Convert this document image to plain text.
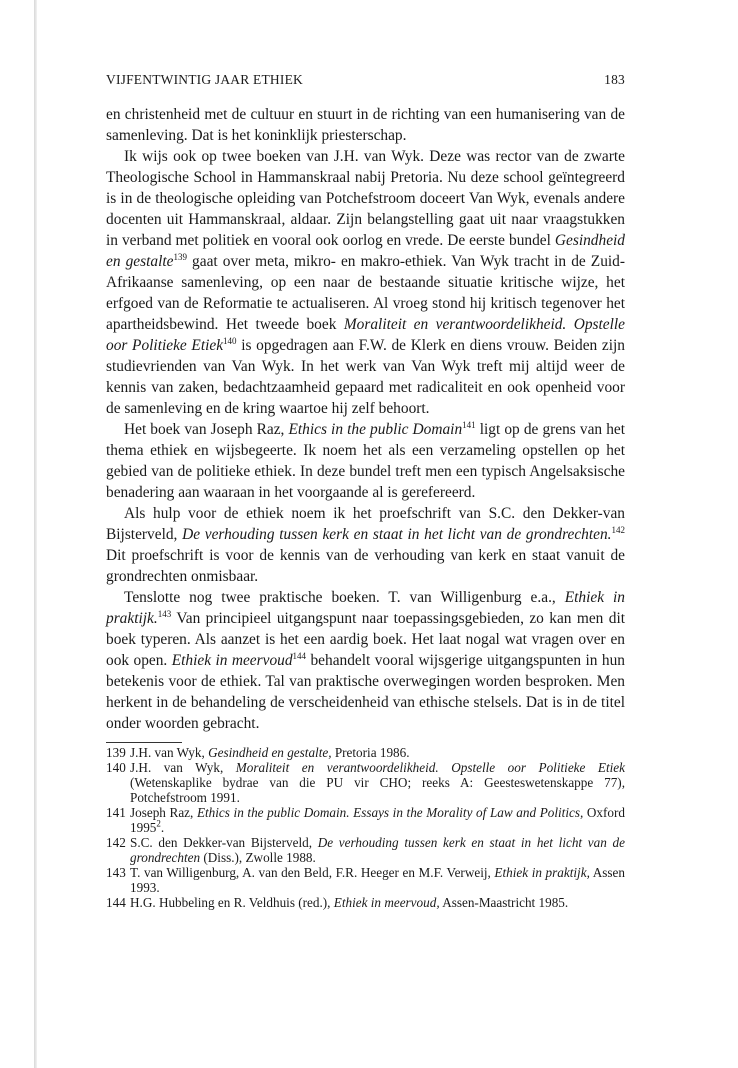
VIJFENTWINTIG JAAR ETHIEK	183

en christenheid met de cultuur en stuurt in de richting van een humanisering van de samenleving. Dat is het koninklijk priesterschap.

Ik wijs ook op twee boeken van J.H. van Wyk. Deze was rector van de zwarte Theologische School in Hammanskraal nabij Pretoria. Nu deze school geïntegreerd is in de theologische opleiding van Potchefstroom doceert Van Wyk, evenals andere docenten uit Hammanskraal, aldaar. Zijn belangstelling gaat uit naar vraagstukken in verband met politiek en vooral ook oorlog en vrede. De eerste bundel Gesindheid en gestalte$^{139}$ gaat over meta, mikro- en makro-ethiek. Van Wyk tracht in de Zuid-Afrikaanse samenleving, op een naar de bestaande situatie kritische wijze, het erfgoed van de Reformatie te actualiseren. Al vroeg stond hij kritisch tegenover het apartheidsbewind. Het tweede boek Moraliteit en verantwoordelikheid. Opstelle oor Politieke Etiek$^{140}$ is opgedragen aan F.W. de Klerk en diens vrouw. Beiden zijn studievrienden van Van Wyk. In het werk van Van Wyk treft mij altijd weer de kennis van zaken, bedachtzaamheid gepaard met radicaliteit en ook openheid voor de samenleving en de kring waartoe hij zelf behoort.

Het boek van Joseph Raz, Ethics in the public Domain$^{141}$ ligt op de grens van het thema ethiek en wijsbegeerte. Ik noem het als een verzameling opstellen op het gebied van de politieke ethiek. In deze bundel treft men een typisch Angelsaksische benadering aan waaraan in het voorgaande al is gerefereerd.

Als hulp voor de ethiek noem ik het proefschrift van S.C. den Dekker-van Bijsterveld, De verhouding tussen kerk en staat in het licht van de grondrechten.$^{142}$ Dit proefschrift is voor de kennis van de verhouding van kerk en staat vanuit de grondrechten onmisbaar.

Tenslotte nog twee praktische boeken. T. van Willigenburg e.a., Ethiek in praktijk.$^{143}$ Van principieel uitgangspunt naar toepassingsgebieden, zo kan men dit boek typeren. Als aanzet is het een aardig boek. Het laat nogal wat vragen over en ook open. Ethiek in meervoud$^{144}$ behandelt vooral wijsgerige uitgangspunten in hun betekenis voor de ethiek. Tal van praktische overwegingen worden besproken. Men herkent in de behandeling de verscheidenheid van ethische stelsels. Dat is in de titel onder woorden gebracht.

139 J.H. van Wyk, Gesindheid en gestalte, Pretoria 1986.
140 J.H. van Wyk, Moraliteit en verantwoordelikheid. Opstelle oor Politieke Etiek (Wetenskaplike bydrae van die PU vir CHO; reeks A: Geesteswetenskappe 77), Potchefstroom 1991.
141 Joseph Raz, Ethics in the public Domain. Essays in the Morality of Law and Politics, Oxford 1995$^2$.
142 S.C. den Dekker-van Bijsterveld, De verhouding tussen kerk en staat in het licht van de grondrechten (Diss.), Zwolle 1988.
143 T. van Willigenburg, A. van den Beld, F.R. Heeger en M.F. Verweij, Ethiek in praktijk, Assen 1993.
144 H.G. Hubbeling en R. Veldhuis (red.), Ethiek in meervoud, Assen-Maastricht 1985.
